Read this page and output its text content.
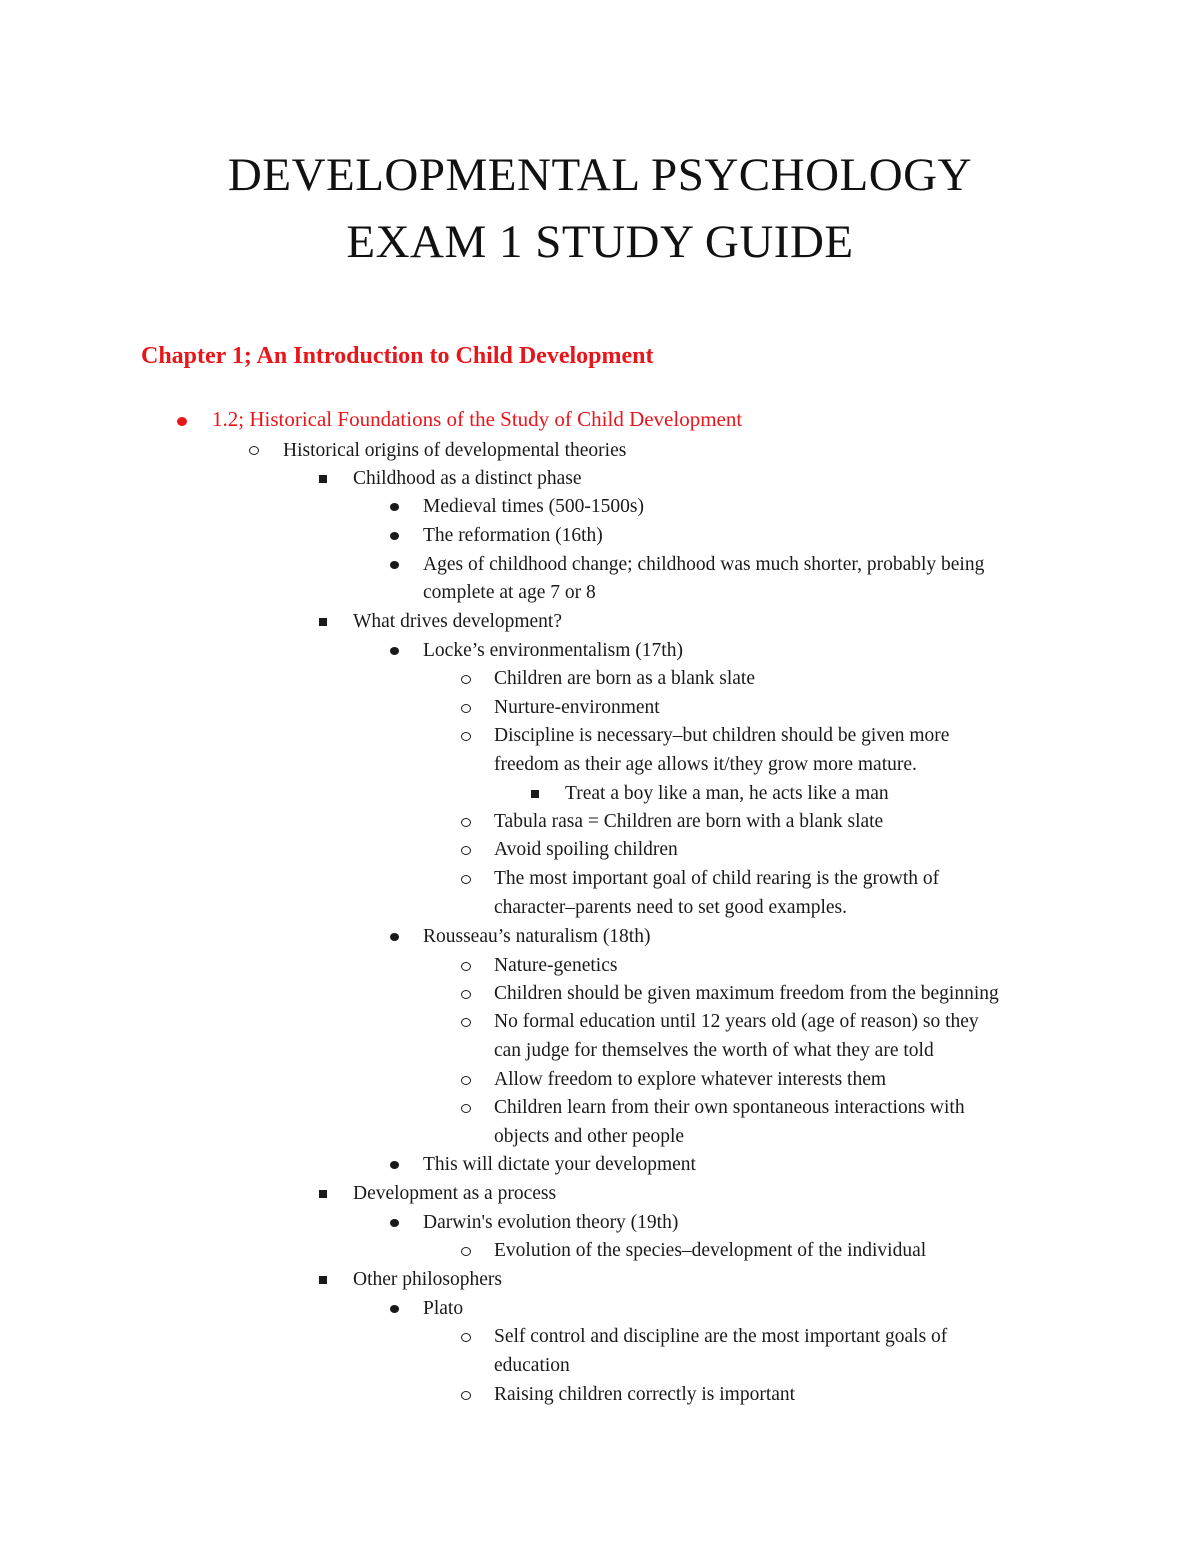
DEVELOPMENTAL PSYCHOLOGY
EXAM 1 STUDY GUIDE
Chapter 1; An Introduction to Child Development
1.2; Historical Foundations of the Study of Child Development
Historical origins of developmental theories
Childhood as a distinct phase
Medieval times (500-1500s)
The reformation (16th)
Ages of childhood change; childhood was much shorter, probably being
complete at age 7 or 8
What drives development?
Locke’s environmentalism (17th)
Children are born as a blank slate
Nurture-environment
Discipline is necessary–but children should be given more
freedom as their age allows it/they grow more mature.
Treat a boy like a man, he acts like a man
Tabula rasa = Children are born with a blank slate
Avoid spoiling children
The most important goal of child rearing is the growth of
character–parents need to set good examples.
Rousseau’s naturalism (18th)
Nature-genetics
Children should be given maximum freedom from the beginning
No formal education until 12 years old (age of reason) so they
can judge for themselves the worth of what they are told
Allow freedom to explore whatever interests them
Children learn from their own spontaneous interactions with
objects and other people
This will dictate your development
Development as a process
Darwin's evolution theory (19th)
Evolution of the species–development of the individual
Other philosophers
Plato
Self control and discipline are the most important goals of
education
Raising children correctly is important
